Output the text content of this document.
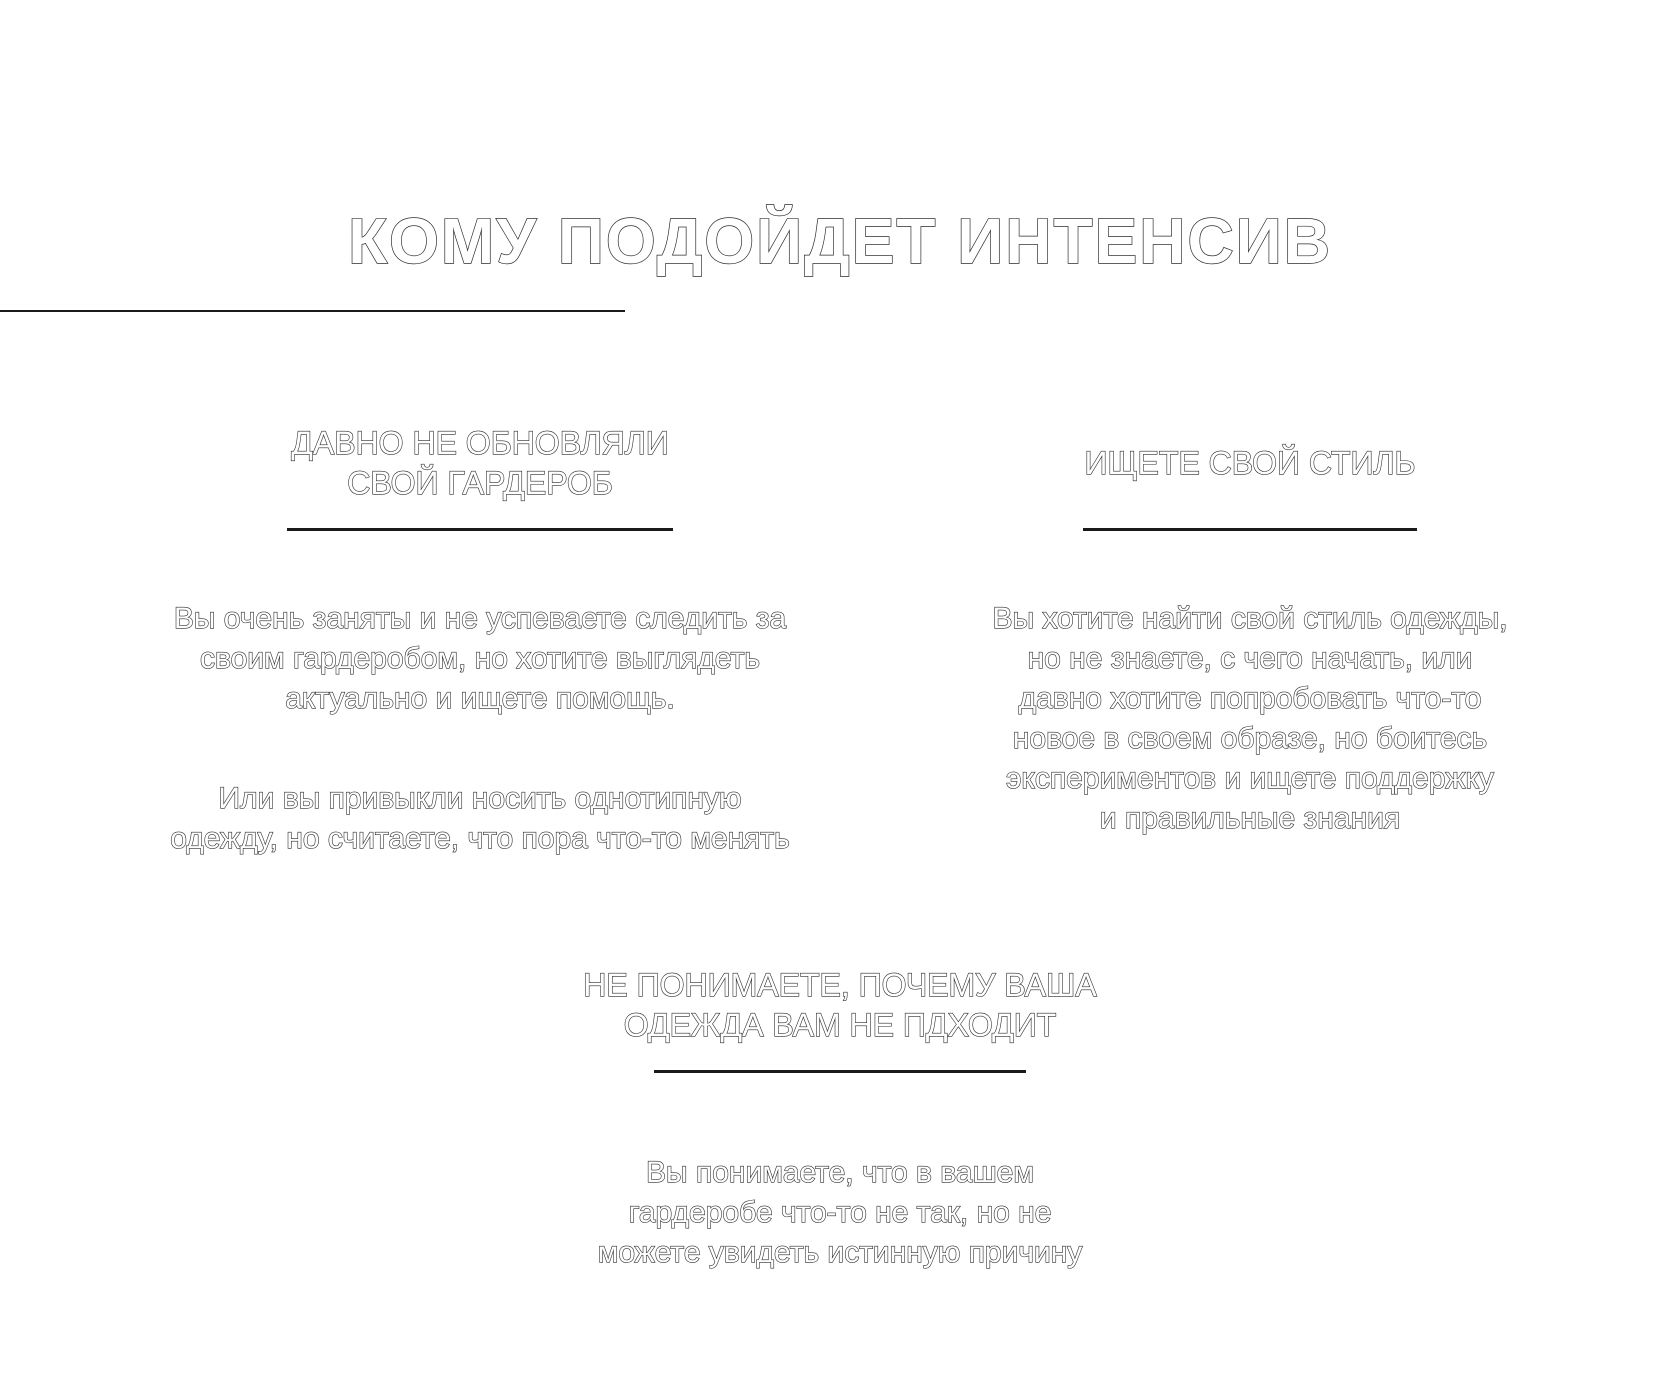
КОМУ ПОДОЙДЕТ ИНТЕНСИВ
ДАВНО НЕ ОБНОВЛЯЛИ
СВОЙ ГАРДЕРОБ

Вы очень заняты и не успеваете следить за
своим гардеробом, но хотите выглядеть
актуально и ищете помощь.

Или вы привыкли носить однотипную
одежду, но считаете, что пора что-то менять

ИЩЕТЕ СВОЙ СТИЛЬ

Вы хотите найти свой стиль одежды,
но не знаете, с чего начать, или
давно хотите попробовать что-то
новое в своем образе, но боитесь
экспериментов и ищете поддержку
и правильные знания

НЕ ПОНИМАЕТЕ, ПОЧЕМУ ВАША
ОДЕЖДА ВАМ НЕ ПДХОДИТ

Вы понимаете, что в вашем
гардеробе что-то не так, но не
можете увидеть истинную причину
